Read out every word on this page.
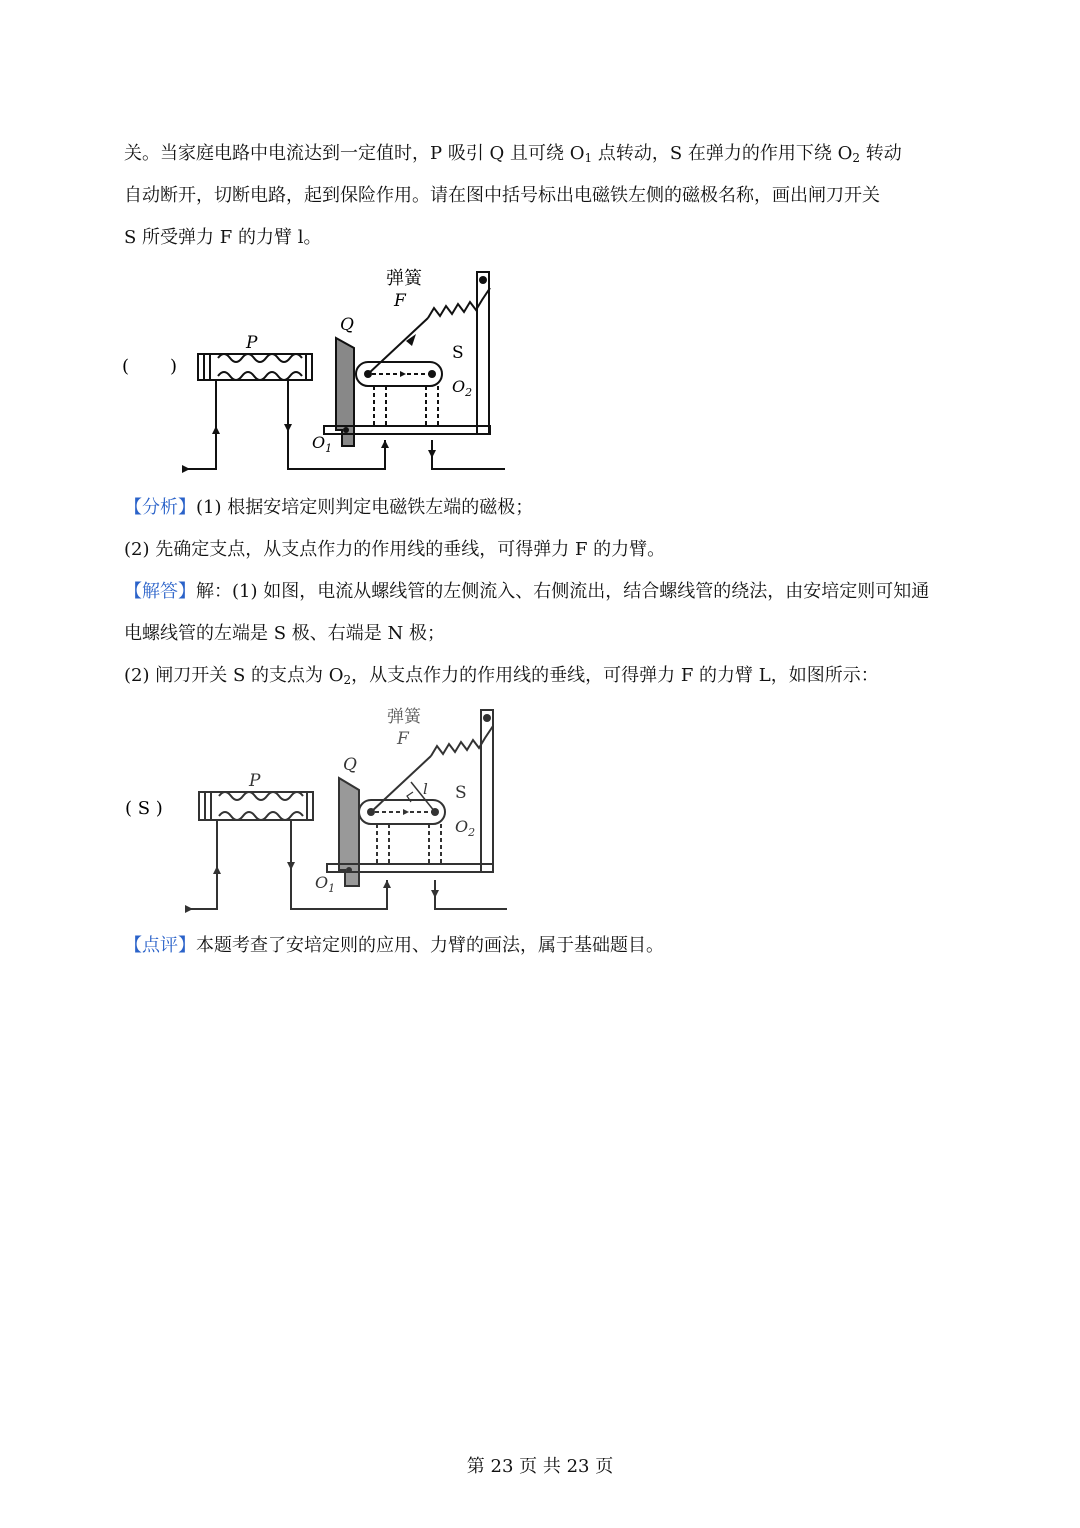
关。当家庭电路中电流达到一定值时，P 吸引 Q 且可绕 $O_1$ 点转动，S 在弹力的作用下绕 $O_2$ 转动
自动断开，切断电路，起到保险作用。请在图中括号标出电磁铁左侧的磁极名称，画出闸刀开关
S 所受弹力 F 的力臂 l。
( )
弹簧
F
P
Q
S
$O_2$
$O_1$
【分析】(1) 根据安培定则判定电磁铁左端的磁极；
(2) 先确定支点，从支点作力的作用线的垂线，可得弹力 F 的力臂。
【解答】解：(1) 如图，电流从螺线管的左侧流入、右侧流出，结合螺线管的绕法，由安培定则可知通
电螺线管的左端是 S 极、右端是 N 极；
(2) 闸刀开关 S 的支点为 $O_2$，从支点作力的作用线的垂线，可得弹力 F 的力臂 L，如图所示：
( S )
弹簧
F
P
Q
S
l
$O_2$
$O_1$
【点评】本题考查了安培定则的应用、力臂的画法，属于基础题目。
第 23 页 共 23 页
